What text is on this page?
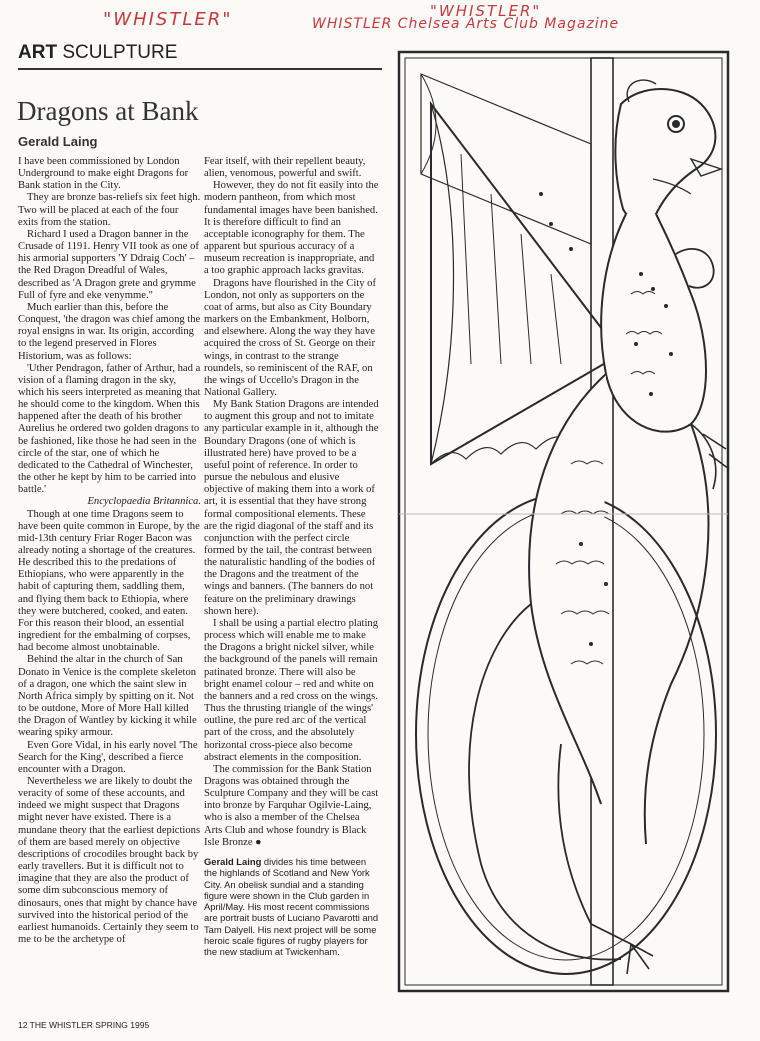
"WHISTLER"	"WHISTLER"
WHISTLER Chelsea Arts Club Magazine
ART SCULPTURE
Dragons at Bank
Gerald Laing

I have been commissioned by London Underground to make eight Dragons for Bank station in the City.

They are bronze bas-reliefs six feet high. Two will be placed at each of the four exits from the station.

Richard I used a Dragon banner in the Crusade of 1191. Henry VII took as one of his armorial supporters 'Y Ddraig Coch' – the Red Dragon Dreadful of Wales, described as 'A Dragon grete and grymme

Full of fyre and eke venymme."

Much earlier than this, before the Conquest, 'the dragon was chief among the royal ensigns in war. Its origin, according to the legend preserved in Flores Historium, was as follows:

'Uther Pendragon, father of Arthur, had a vision of a flaming dragon in the sky, which his seers interpreted as meaning that he should come to the kingdom. When this happened after the death of his brother Aurelius he ordered two golden dragons to be fashioned, like those he had seen in the circle of the star, one of which he dedicated to the Cathedral of Winchester, the other he kept by him to be carried into battle.'

Encyclopaedia Britannica.

Though at one time Dragons seem to have been quite common in Europe, by the mid-13th century Friar Roger Bacon was already noting a shortage of the creatures. He described this to the predations of Ethiopians, who were apparently in the habit of capturing them, saddling them, and flying them back to Ethiopia, where they were butchered, cooked, and eaten. For this reason their blood, an essential ingredient for the embalming of corpses, had become almost unobtainable.

Behind the altar in the church of San Donato in Venice is the complete skeleton of a dragon, one which the saint slew in North Africa simply by spitting on it. Not to be outdone, More of More Hall killed the Dragon of Wantley by kicking it while wearing spiky armour.

Even Gore Vidal, in his early novel 'The Search for the King', described a fierce encounter with a Dragon.

Nevertheless we are likely to doubt the veracity of some of these accounts, and indeed we might suspect that Dragons might never have existed. There is a mundane theory that the earliest depictions of them are based merely on objective descriptions of crocodiles brought back by early travellers. But it is difficult not to imagine that they are also the product of some dim subconscious memory of dinosaurs, ones that might by chance have survived into the historical period of the earliest humanoids. Certainly they seem to me to be the archetype of

Fear itself, with their repellent beauty, alien, venomous, powerful and swift.

However, they do not fit easily into the modern pantheon, from which most fundamental images have been banished. It is therefore difficult to find an acceptable iconography for them. The apparent but spurious accuracy of a museum recreation is inappropriate, and a too graphic approach lacks gravitas.

Dragons have flourished in the City of London, not only as supporters on the coat of arms, but also as City Boundary markers on the Embankment, Holborn, and elsewhere. Along the way they have acquired the cross of St. George on their wings, in contrast to the strange roundels, so reminiscent of the RAF, on the wings of Uccello's Dragon in the National Gallery.

My Bank Station Dragons are intended to augment this group and not to imitate any particular example in it, although the Boundary Dragons (one of which is illustrated here) have proved to be a useful point of reference. In order to pursue the nebulous and elusive objective of making them into a work of art, it is essential that they have strong formal compositional elements. These are the rigid diagonal of the staff and its conjunction with the perfect circle formed by the tail, the contrast between the naturalistic handling of the bodies of the Dragons and the treatment of the wings and banners. (The banners do not feature on the preliminary drawings shown here).

I shall be using a partial electro plating process which will enable me to make the Dragons a bright nickel silver, while the background of the panels will remain patinated bronze. There will also be bright enamel colour – red and white on the banners and a red cross on the wings. Thus the thrusting triangle of the wings' outline, the pure red arc of the vertical part of the cross, and the absolutely horizontal cross-piece also become abstract elements in the composition.

The commission for the Bank Station Dragons was obtained through the Sculpture Company and they will be cast into bronze by Farquhar Ogilvie-Laing, who is also a member of the Chelsea Arts Club and whose foundry is Black Isle Bronze ●

Gerald Laing divides his time between the highlands of Scotland and New York City. An obelisk sundial and a standing figure were shown in the Club garden in April/May. His most recent commissions are portrait busts of Luciano Pavarotti and Tam Dalyell. His next project will be some heroic scale figures of rugby players for the new stadium at Twickenham.
12 THE WHISTLER SPRING 1995
